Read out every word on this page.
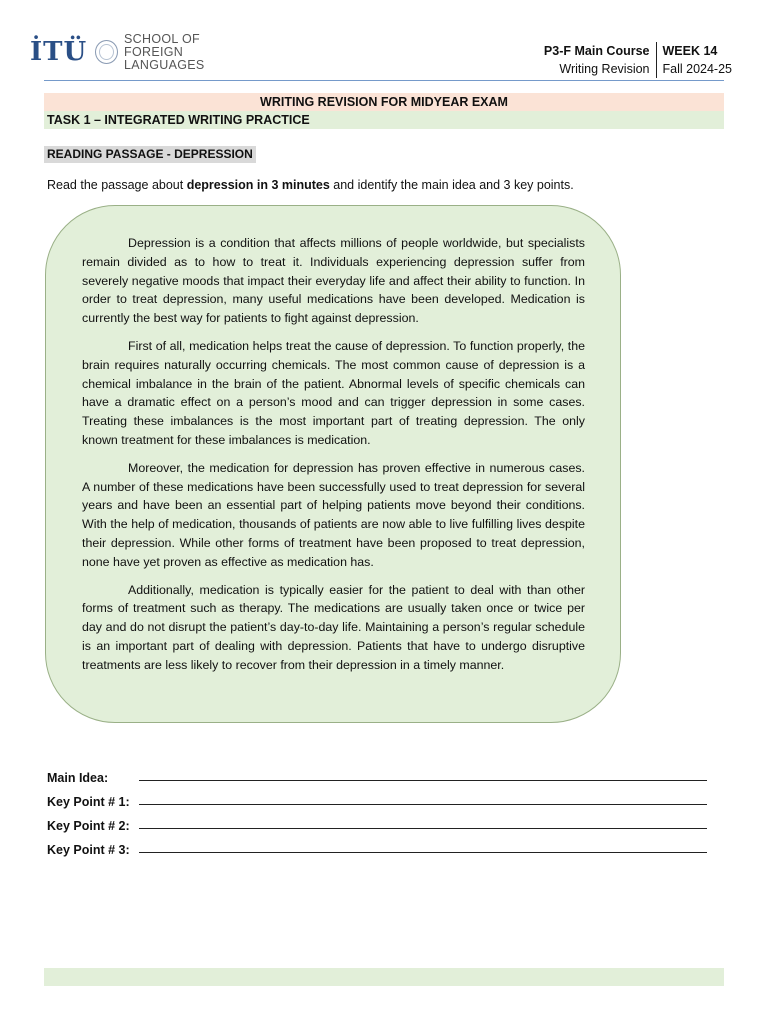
İTÜ	SCHOOL OF
FOREIGN LANGUAGES
P3-F Main Course
Writing Revision
WEEK 14
Fall 2024-25
WRITING REVISION FOR MIDYEAR EXAM
TASK 1 – INTEGRATED WRITING PRACTICE
READING PASSAGE - DEPRESSION
Read the passage about depression in 3 minutes and identify the main idea and 3 key points.

Depression is a condition that affects millions of people worldwide, but specialists remain divided as to how to treat it. Individuals experiencing depression suffer from severely negative moods that impact their everyday life and affect their ability to function. In order to treat depression, many useful medications have been developed. Medication is currently the best way for patients to fight against depression.

First of all, medication helps treat the cause of depression. To function properly, the brain requires naturally occurring chemicals. The most common cause of depression is a chemical imbalance in the brain of the patient. Abnormal levels of specific chemicals can have a dramatic effect on a person’s mood and can trigger depression in some cases. Treating these imbalances is the most important part of treating depression. The only known treatment for these imbalances is medication.

Moreover, the medication for depression has proven effective in numerous cases. A number of these medications have been successfully used to treat depression for several years and have been an essential part of helping patients move beyond their conditions. With the help of medication, thousands of patients are now able to live fulfilling lives despite their depression. While other forms of treatment have been proposed to treat depression, none have yet proven as effective as medication has.

Additionally, medication is typically easier for the patient to deal with than other forms of treatment such as therapy. The medications are usually taken once or twice per day and do not disrupt the patient’s day-to-day life. Maintaining a person’s regular schedule is an important part of dealing with depression. Patients that have to undergo disruptive treatments are less likely to recover from their depression in a timely manner.

Main Idea:
Key Point # 1:
Key Point # 2:
Key Point # 3:
